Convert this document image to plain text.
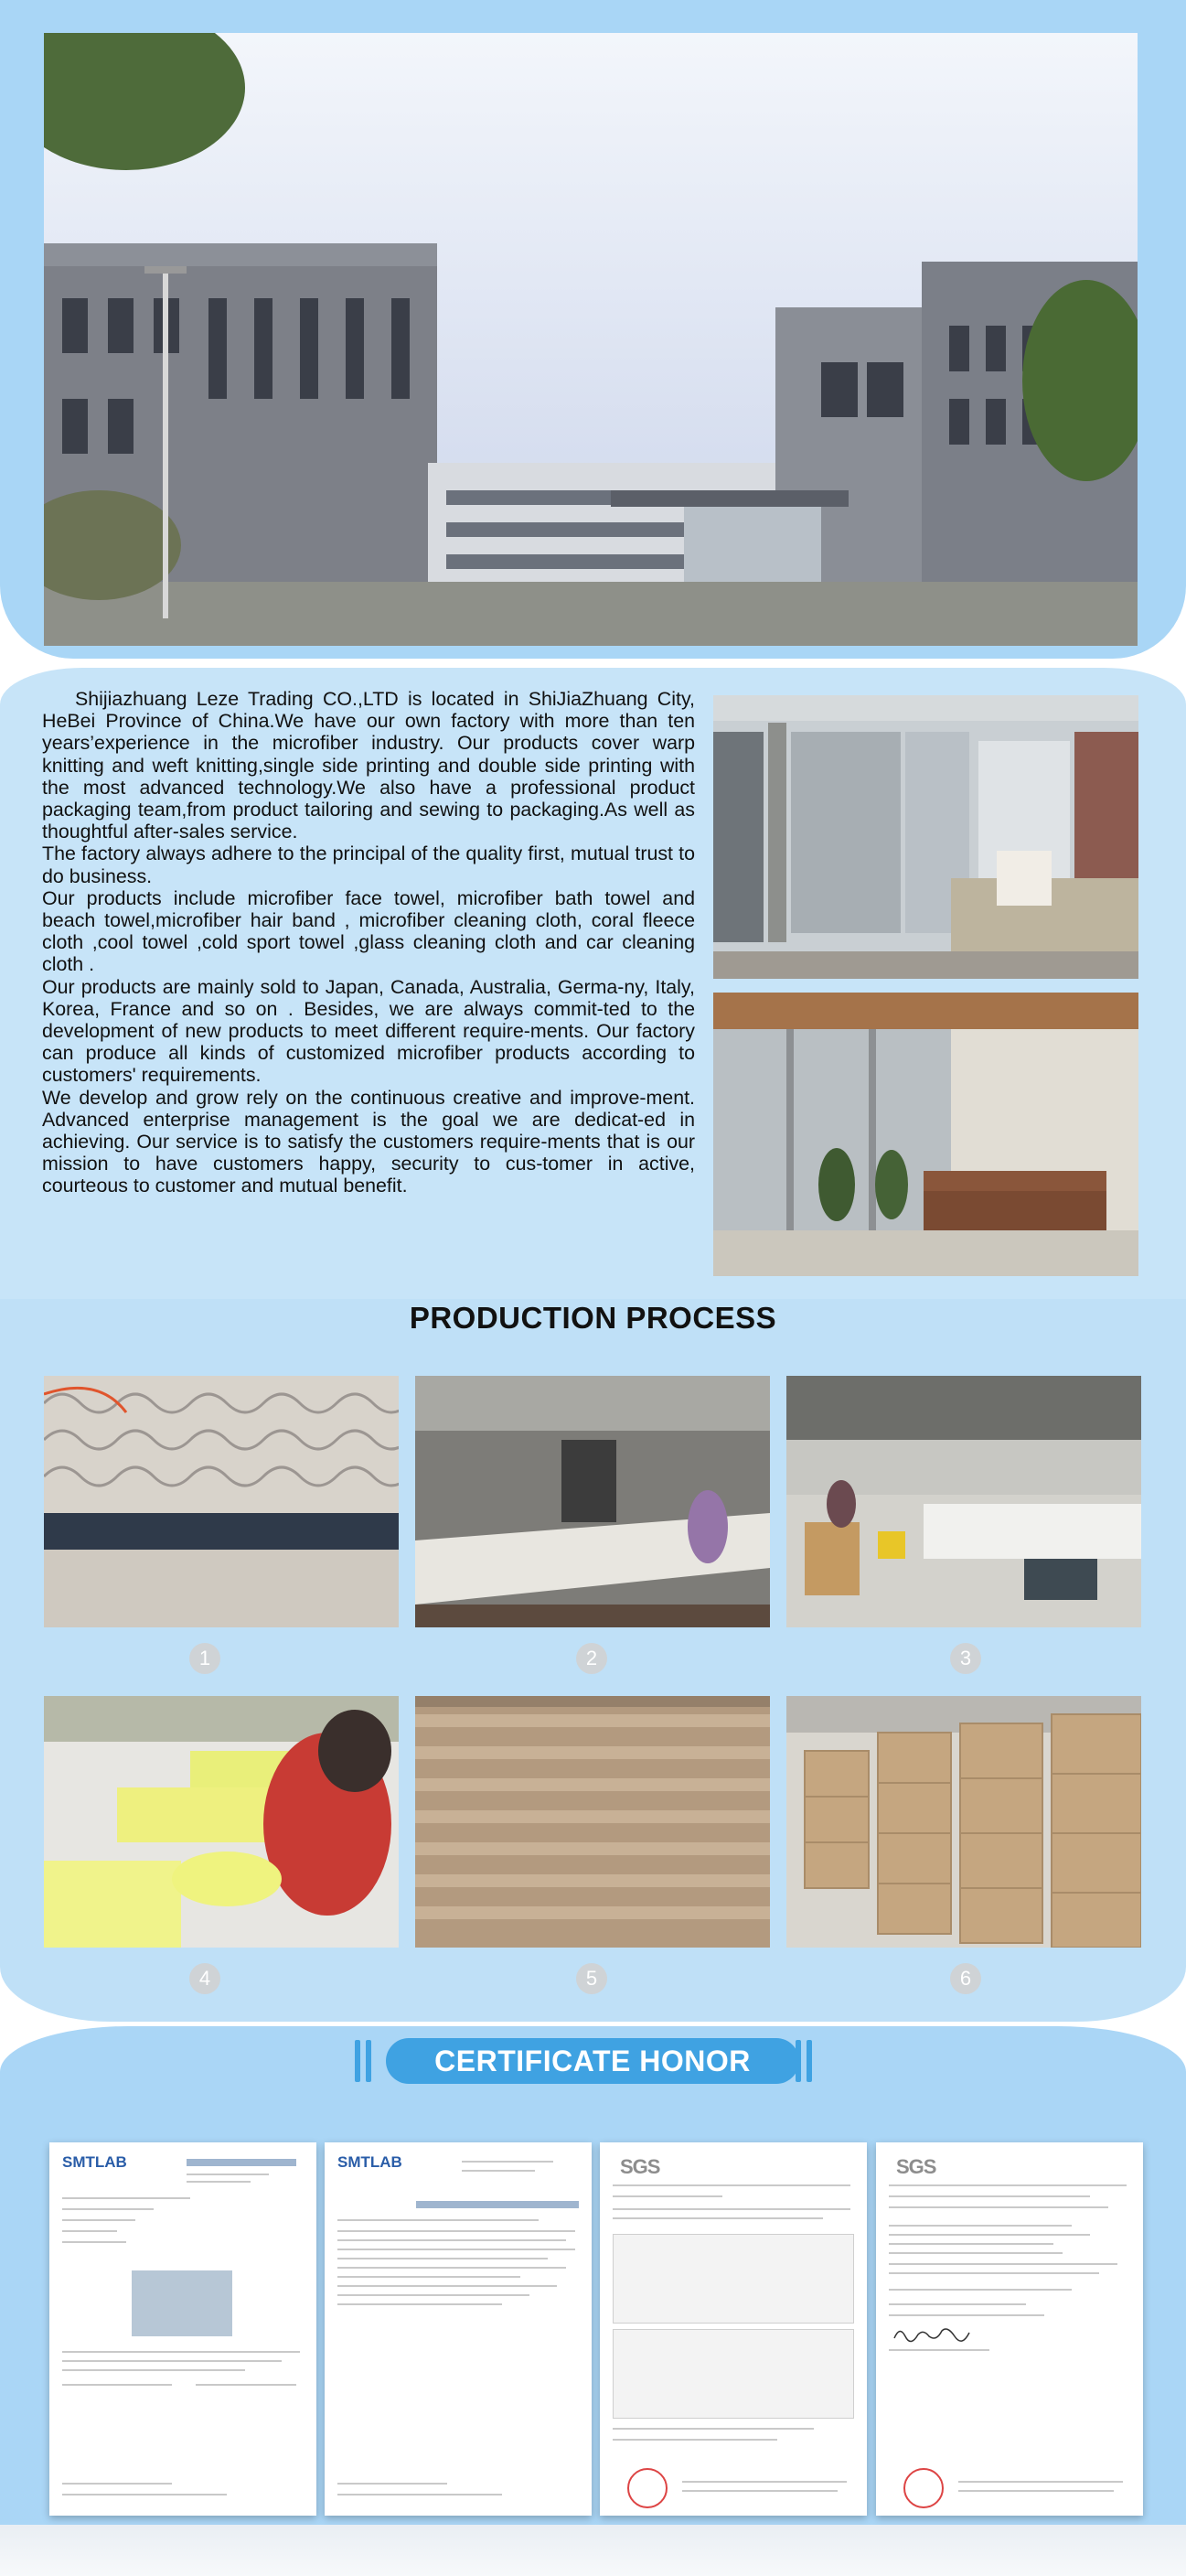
Shijiazhuang Leze Trading CO.,LTD is located in ShiJiaZhuang City, HeBei Province of China.We have our own factory with more than ten years’experience in the microfiber industry. Our products cover warp knitting and weft knitting,single side printing and double side printing with the most advanced technology.We also have a professional product packaging team,from product tailoring and sewing to packaging.As well as thoughtful after-sales service.

The factory always adhere to the principal of the quality first, mutual trust to do business.

Our products include microfiber face towel, microfiber bath towel and beach towel,microfiber hair band , microfiber cleaning cloth, coral fleece cloth ,cool towel ,cold sport towel ,glass cleaning cloth and car cleaning cloth .

Our products are mainly sold to Japan, Canada, Australia, Germa-ny, Italy, Korea, France and so on . Besides, we are always commit-ted to the development of new products to meet different require-ments. Our factory can produce all kinds of customized microfiber products according to customers' requirements.

We develop and grow rely on the continuous creative and improve-ment. Advanced enterprise management is the goal we are dedicat-ed in achieving. Our service is to satisfy the customers require-ments that is our mission to have customers happy, security to cus-tomer in active, courteous to customer and mutual benefit.

PRODUCTION PROCESS
1	2	3
4	5	6
CERTIFICATE HONOR
SMTLAB	SMTLAB	SGS	SGS
